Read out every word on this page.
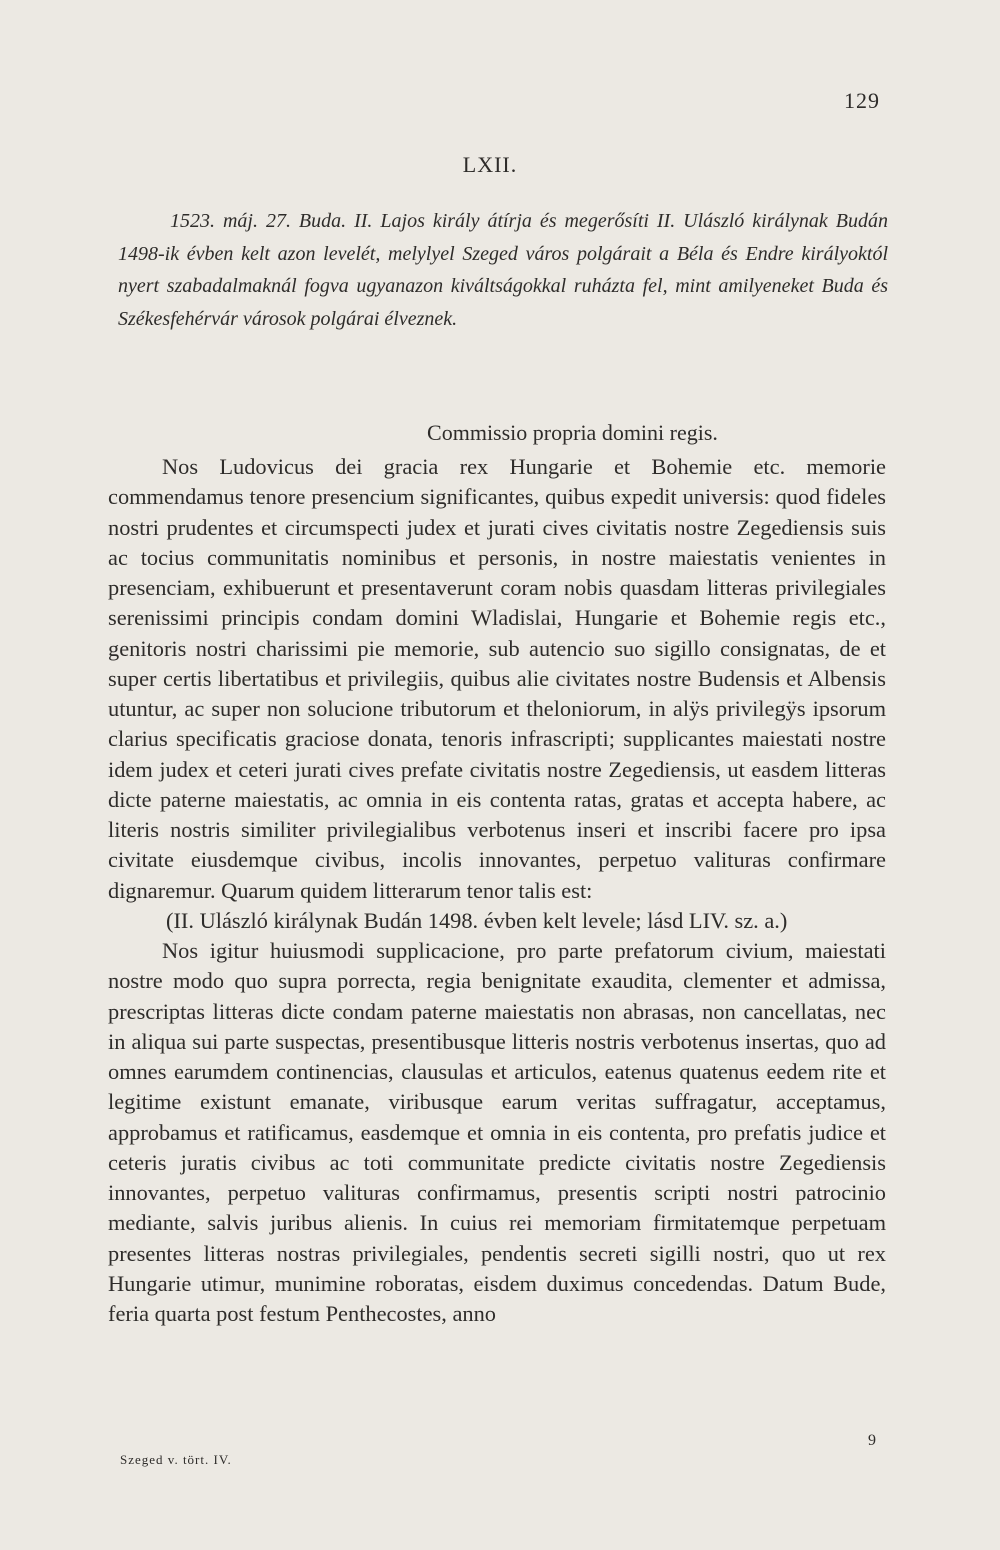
129
LXII.
1523. máj. 27. Buda. II. Lajos király átírja és megerősíti II. Ulászló királynak Budán 1498-ik évben kelt azon levelét, melylyel Szeged város polgárait a Béla és Endre királyoktól nyert szabadalmaknál fogva ugyanazon kiváltságokkal ruházta fel, mint amilyeneket Buda és Székesfehérvár városok polgárai élveznek.
Commissio propria domini regis.

Nos Ludovicus dei gracia rex Hungarie et Bohemie etc. memorie commendamus tenore presencium significantes, quibus expedit universis: quod fideles nostri prudentes et circumspecti judex et jurati cives civitatis nostre Zegediensis suis ac tocius communitatis nominibus et personis, in nostre maiestatis venientes in presenciam, exhibuerunt et presentaverunt coram nobis quasdam litteras privilegiales serenissimi principis condam domini Wladislai, Hungarie et Bohemie regis etc., genitoris nostri charissimi pie memorie, sub autencio suo sigillo consignatas, de et super certis libertatibus et privilegiis, quibus alie civitates nostre Budensis et Albensis utuntur, ac super non solucione tributorum et theloniorum, in alÿs privilegÿs ipsorum clarius specificatis graciose donata, tenoris infrascripti; supplicantes maiestati nostre idem judex et ceteri jurati cives prefate civitatis nostre Zegediensis, ut easdem litteras dicte paterne maiestatis, ac omnia in eis contenta ratas, gratas et accepta habere, ac literis nostris similiter privilegialibus verbotenus inseri et inscribi facere pro ipsa civitate eiusdemque civibus, incolis innovantes, perpetuo valituras confirmare dignaremur. Quarum quidem litterarum tenor talis est:

(II. Ulászló királynak Budán 1498. évben kelt levele; lásd LIV. sz. a.)

Nos igitur huiusmodi supplicacione, pro parte prefatorum civium, maiestati nostre modo quo supra porrecta, regia benignitate exaudita, clementer et admissa, prescriptas litteras dicte condam paterne maiestatis non abrasas, non cancellatas, nec in aliqua sui parte suspectas, presentibusque litteris nostris verbotenus insertas, quo ad omnes earumdem continencias, clausulas et articulos, eatenus quatenus eedem rite et legitime existunt emanate, viribusque earum veritas suffragatur, acceptamus, approbamus et ratificamus, easdemque et omnia in eis contenta, pro prefatis judice et ceteris juratis civibus ac toti communitate predicte civitatis nostre Zegediensis innovantes, perpetuo valituras confirmamus, presentis scripti nostri patrocinio mediante, salvis juribus alienis. In cuius rei memoriam firmitatemque perpetuam presentes litteras nostras privilegiales, pendentis secreti sigilli nostri, quo ut rex Hungarie utimur, munimine roboratas, eisdem duximus concedendas. Datum Bude, feria quarta post festum Penthecostes, anno

9
Szeged v. tört. IV.
